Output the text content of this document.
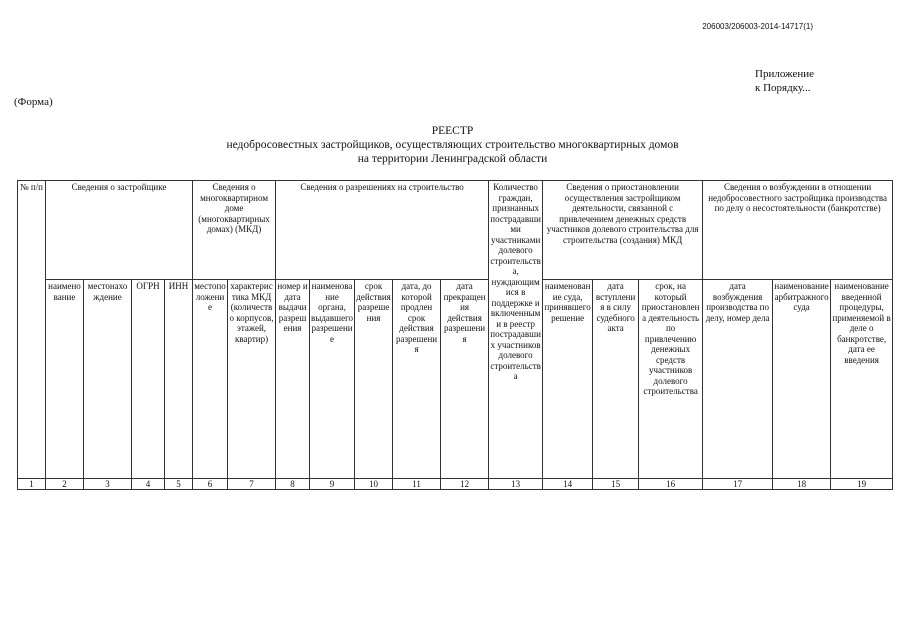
206003/206003-2014-14717(1)
Приложение
к Порядку...
(Форма)
РЕЕСТР
недобросовестных застройщиков, осуществляющих строительство многоквартирных домов
на территории Ленинградской области
№ п/п	Сведения о застройщике				Сведения о многоквартирном доме (многоквартирных домах) (МКД)		Сведения о разрешениях на строительство					Количество граждан, признанных пострадавшими участниками долевого строительства, нуждающимися в поддержке и включенными в реестр пострадавших участников долевого строительства	Сведения о приостановлении осуществления застройщиком деятельности, связанной с привлечением денежных средств участников долевого строительства для строительства (создания) МКД			Сведения о возбуждении в отношении недобросовестного застройщика производства по делу о несостоятельности (банкротстве)		
	наименование	местонахождение	ОГРН	ИНН	местоположение	характеристика МКД (количество корпусов, этажей, квартир)	номер и дата выдачи разрешения	наименование органа, выдавшего разрешение	срок действия разрешения	дата, до которой продлен срок действия разрешения	дата прекращения действия разрешения		наименование суда, принявшего решение	дата вступления в силу судебного акта	срок, на который приостановлена деятельность по привлечению денежных средств участников долевого строительства	дата возбуждения производства по делу, номер дела	наименование арбитражного суда	наименование введенной процедуры, применяемой в деле о банкротстве, дата ее введения
1	2	3	4	5	6	7	8	9	10	11	12	13	14	15	16	17	18	19
